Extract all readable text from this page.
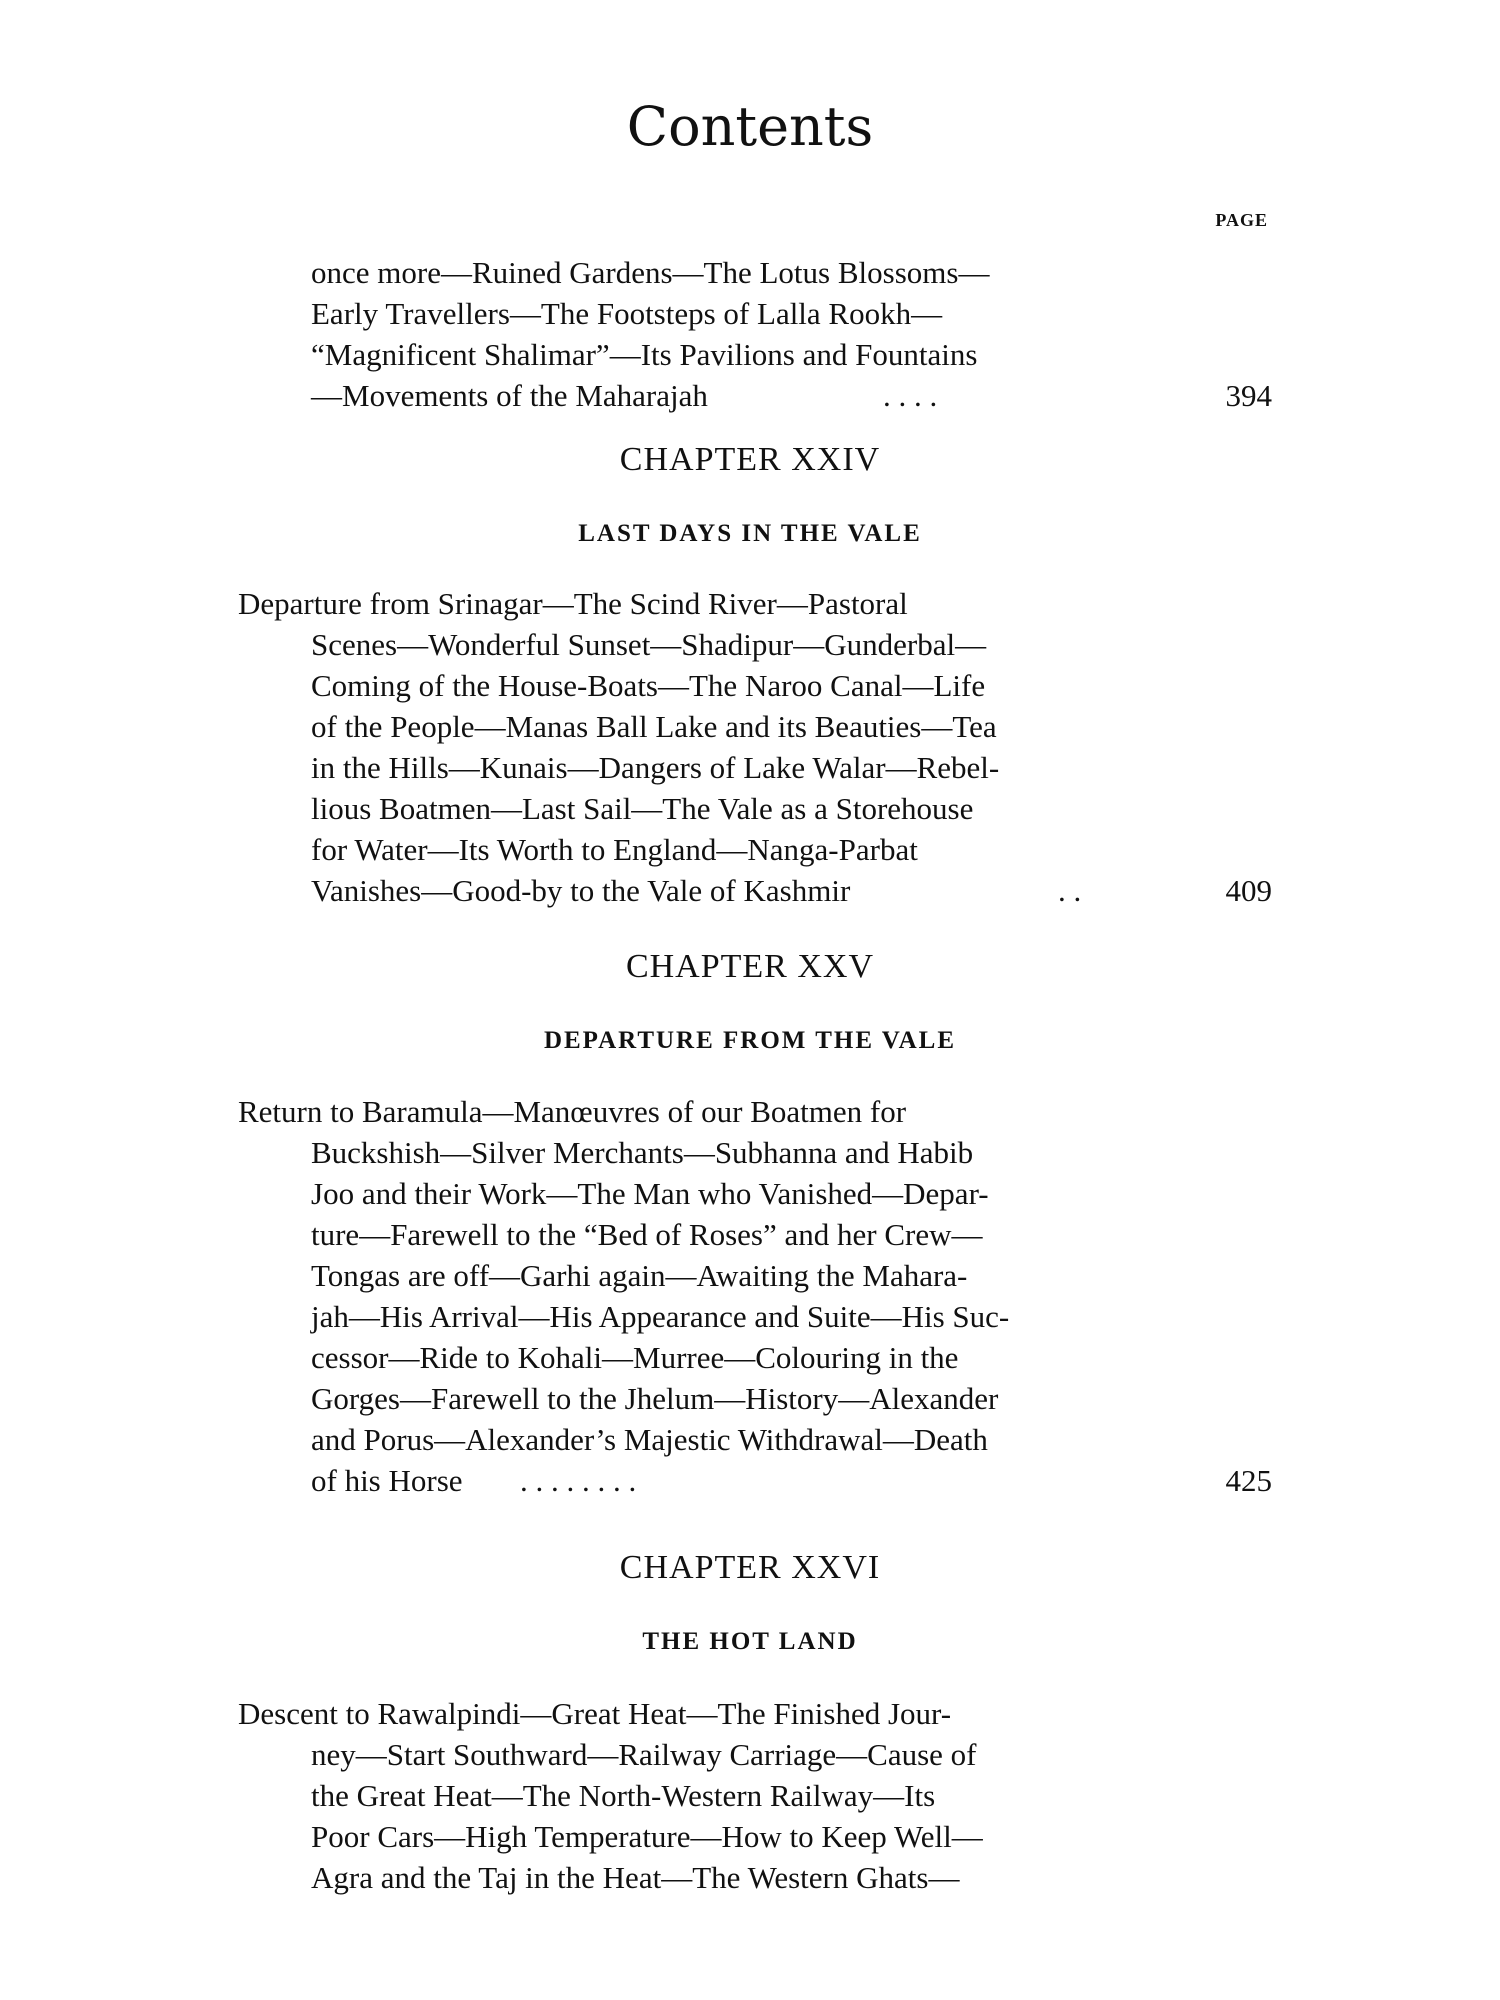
Contents
PAGE
once more—Ruined Gardens—The Lotus Blossoms—
Early Travellers—The Footsteps of Lalla Rookh—
“Magnificent Shalimar”—Its Pavilions and Fountains
—Movements of the Maharajah	. . . .	394
CHAPTER XXIV
LAST DAYS IN THE VALE
Departure from Srinagar—The Scind River—Pastoral
Scenes—Wonderful Sunset—Shadipur—Gunderbal—
Coming of the House-Boats—The Naroo Canal—Life
of the People—Manas Ball Lake and its Beauties—Tea
in the Hills—Kunais—Dangers of Lake Walar—Rebel-
lious Boatmen—Last Sail—The Vale as a Storehouse
for Water—Its Worth to England—Nanga-Parbat
Vanishes—Good-by to the Vale of Kashmir	. .	409
CHAPTER XXV
DEPARTURE FROM THE VALE
Return to Baramula—Manœuvres of our Boatmen for
Buckshish—Silver Merchants—Subhanna and Habib
Joo and their Work—The Man who Vanished—Depar-
ture—Farewell to the “Bed of Roses” and her Crew—
Tongas are off—Garhi again—Awaiting the Mahara-
jah—His Arrival—His Appearance and Suite—His Suc-
cessor—Ride to Kohali—Murree—Colouring in the
Gorges—Farewell to the Jhelum—History—Alexander
and Porus—Alexander’s Majestic Withdrawal—Death
of his Horse . . . . . . . .	425
CHAPTER XXVI
THE HOT LAND
Descent to Rawalpindi—Great Heat—The Finished Jour-
ney—Start Southward—Railway Carriage—Cause of
the Great Heat—The North-Western Railway—Its
Poor Cars—High Temperature—How to Keep Well—
Agra and the Taj in the Heat—The Western Ghats—
